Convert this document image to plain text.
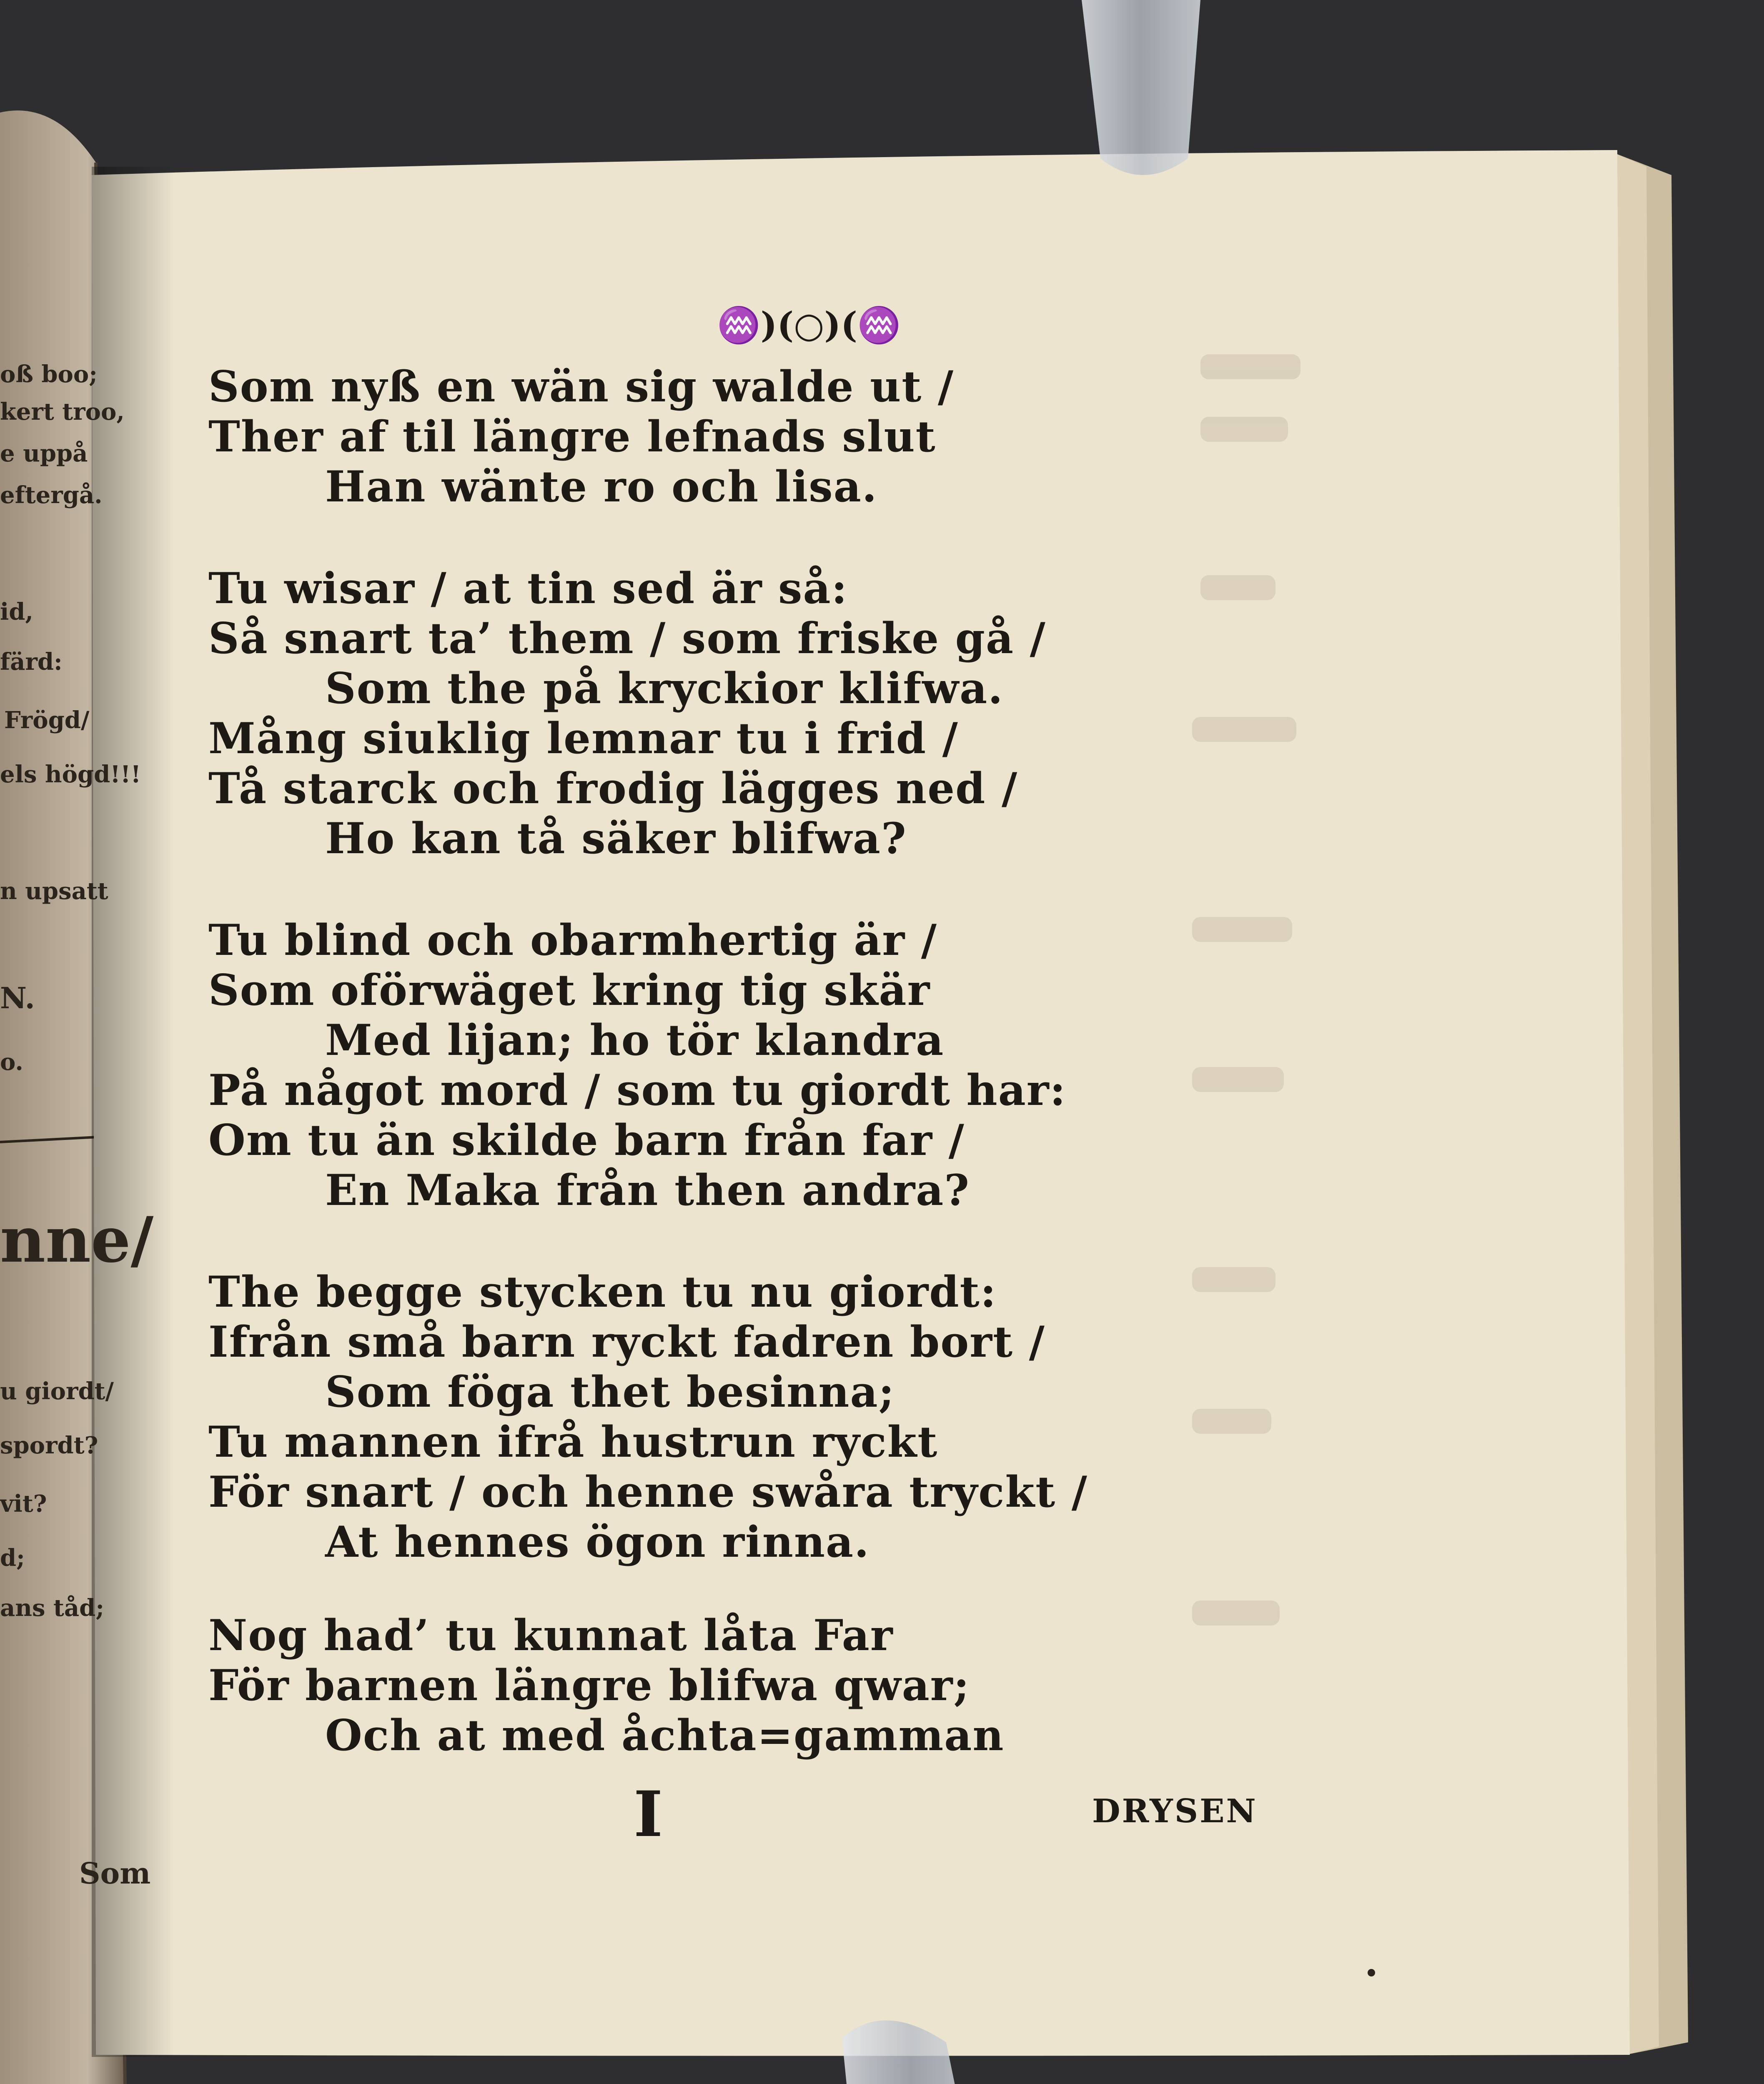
oß boo;
kert troo,
e uppå
eftergå.
id,
färd:
Frögd/
els högd!!!
n upsatt
N.
o.
nne/
u giordt/
spordt?
vit?
d;
ans tåd;
Som
♒)(○)(♒
Som nyß en wän sig walde ut /
Ther af til längre lefnads slut
Han wänte ro och lisa.
Tu wisar / at tin sed är så:
Så snart ta’ them / som friske gå /
Som the på kryckior klifwa.
Mång siuklig lemnar tu i frid /
Tå starck och frodig lägges ned /
Ho kan tå säker blifwa?
Tu blind och obarmhertig är /
Som oförwäget kring tig skär
Med lijan; ho tör klandra
På något mord / som tu giordt har:
Om tu än skilde barn från far /
En Maka från then andra?
The begge stycken tu nu giordt:
Ifrån små barn ryckt fadren bort /
Som föga thet besinna;
Tu mannen ifrå hustrun ryckt
För snart / och henne swåra tryckt /
At hennes ögon rinna.
Nog had’ tu kunnat låta Far
För barnen längre blifwa qwar;
Och at med åchta=gamman
I	DRYSEN
